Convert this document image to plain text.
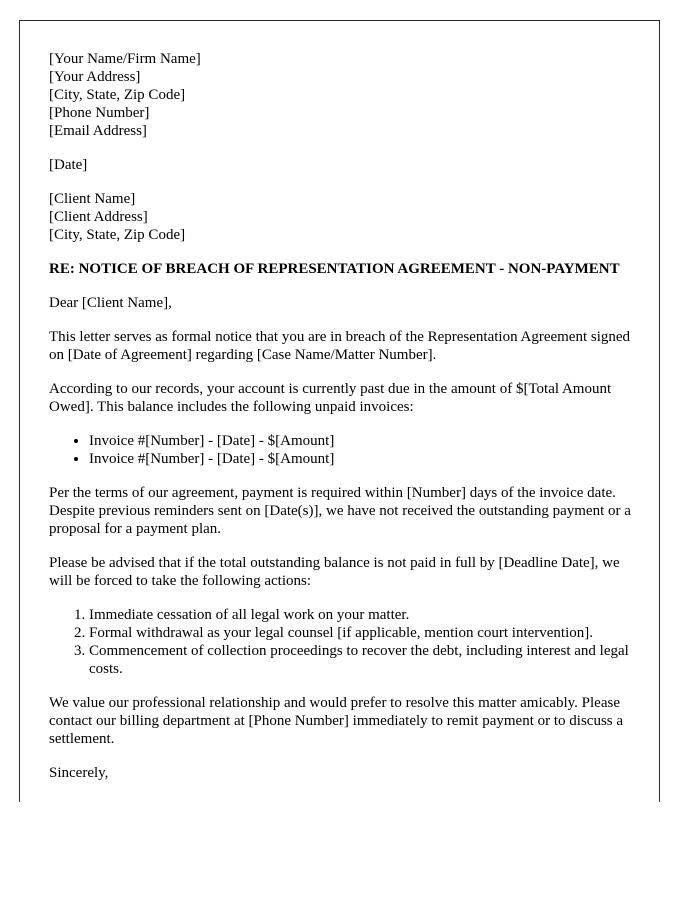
[Your Name/Firm Name]
[Your Address]
[City, State, Zip Code]
[Phone Number]
[Email Address]
[Date]
[Client Name]
[Client Address]
[City, State, Zip Code]

RE: NOTICE OF BREACH OF REPRESENTATION AGREEMENT - NON-PAYMENT

Dear [Client Name],

This letter serves as formal notice that you are in breach of the Representation Agreement signed on [Date of Agreement] regarding [Case Name/Matter Number].

According to our records, your account is currently past due in the amount of $[Total Amount Owed]. This balance includes the following unpaid invoices:

• Invoice #[Number] - [Date] - $[Amount]
• Invoice #[Number] - [Date] - $[Amount]

Per the terms of our agreement, payment is required within [Number] days of the invoice date. Despite previous reminders sent on [Date(s)], we have not received the outstanding payment or a proposal for a payment plan.

Please be advised that if the total outstanding balance is not paid in full by [Deadline Date], we will be forced to take the following actions:

1. Immediate cessation of all legal work on your matter.
2. Formal withdrawal as your legal counsel [if applicable, mention court intervention].
3. Commencement of collection proceedings to recover the debt, including interest and legal costs.

We value our professional relationship and would prefer to resolve this matter amicably. Please contact our billing department at [Phone Number] immediately to remit payment or to discuss a settlement.

Sincerely,
